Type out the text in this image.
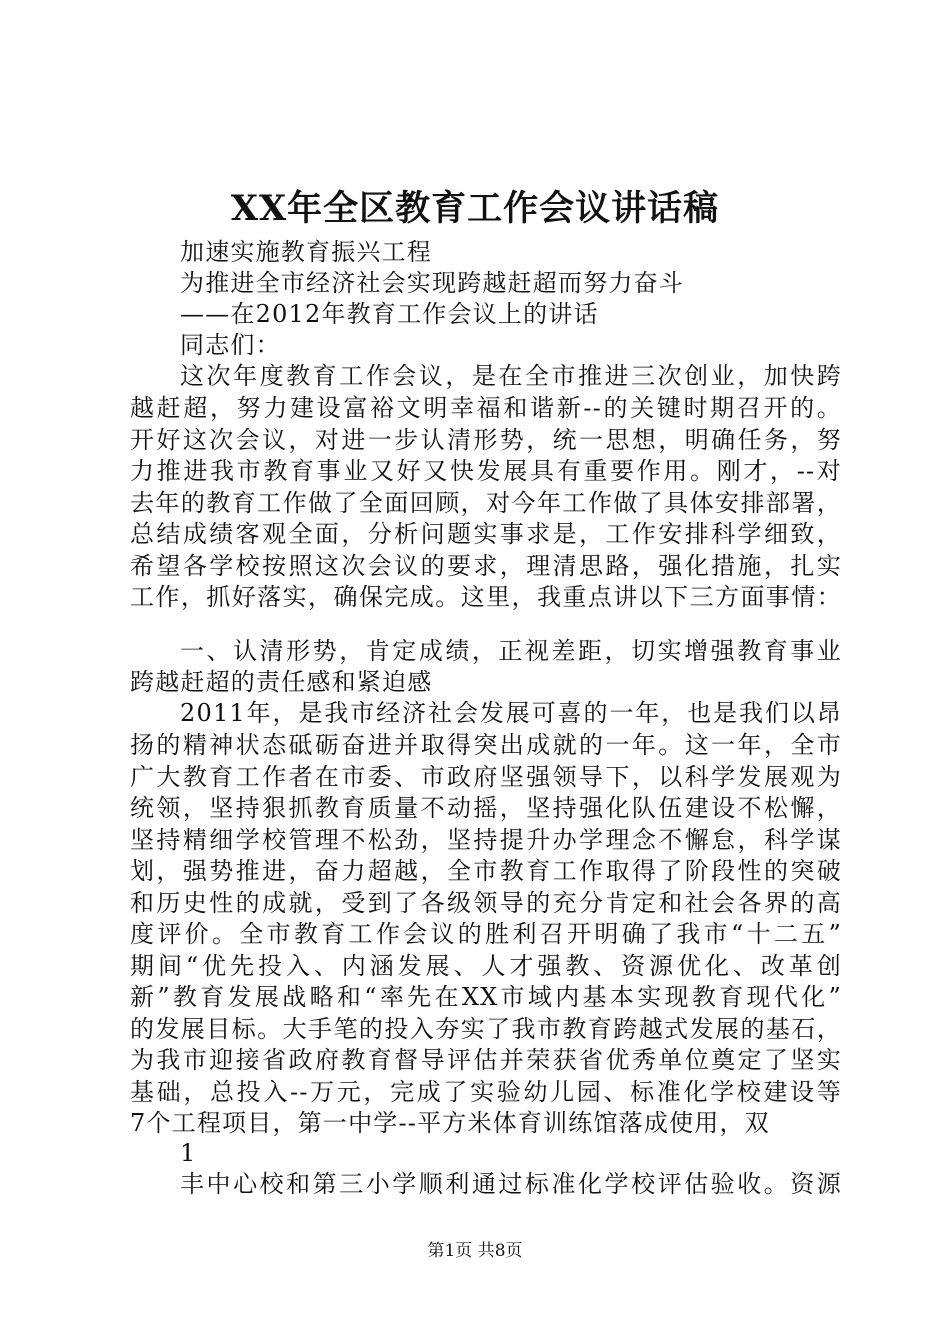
XX年全区教育工作会议讲话稿
加速实施教育振兴工程
为推进全市经济社会实现跨越赶超而努力奋斗
——在2012年教育工作会议上的讲话
同志们：
这次年度教育工作会议，是在全市推进三次创业，加快跨
越赶超，努力建设富裕文明幸福和谐新--的关键时期召开的。
开好这次会议，对进一步认清形势，统一思想，明确任务，努
力推进我市教育事业又好又快发展具有重要作用。刚才，--对
去年的教育工作做了全面回顾，对今年工作做了具体安排部署，
总结成绩客观全面，分析问题实事求是，工作安排科学细致，
希望各学校按照这次会议的要求，理清思路，强化措施，扎实
工作，抓好落实，确保完成。这里，我重点讲以下三方面事情：
一、认清形势，肯定成绩，正视差距，切实增强教育事业
跨越赶超的责任感和紧迫感
2011年，是我市经济社会发展可喜的一年，也是我们以昂
扬的精神状态砥砺奋进并取得突出成就的一年。这一年，全市
广大教育工作者在市委、市政府坚强领导下，以科学发展观为
统领，坚持狠抓教育质量不动摇，坚持强化队伍建设不松懈，
坚持精细学校管理不松劲，坚持提升办学理念不懈怠，科学谋
划，强势推进，奋力超越，全市教育工作取得了阶段性的突破
和历史性的成就，受到了各级领导的充分肯定和社会各界的高
度评价。全市教育工作会议的胜利召开明确了我市“十二五”
期间“优先投入、内涵发展、人才强教、资源优化、改革创
新”教育发展战略和“率先在XX市域内基本实现教育现代化”
的发展目标。大手笔的投入夯实了我市教育跨越式发展的基石，
为我市迎接省政府教育督导评估并荣获省优秀单位奠定了坚实
基础，总投入--万元，完成了实验幼儿园、标准化学校建设等
7个工程项目，第一中学--平方米体育训练馆落成使用，双
1
丰中心校和第三小学顺利通过标准化学校评估验收。资源
第1页 共8页
